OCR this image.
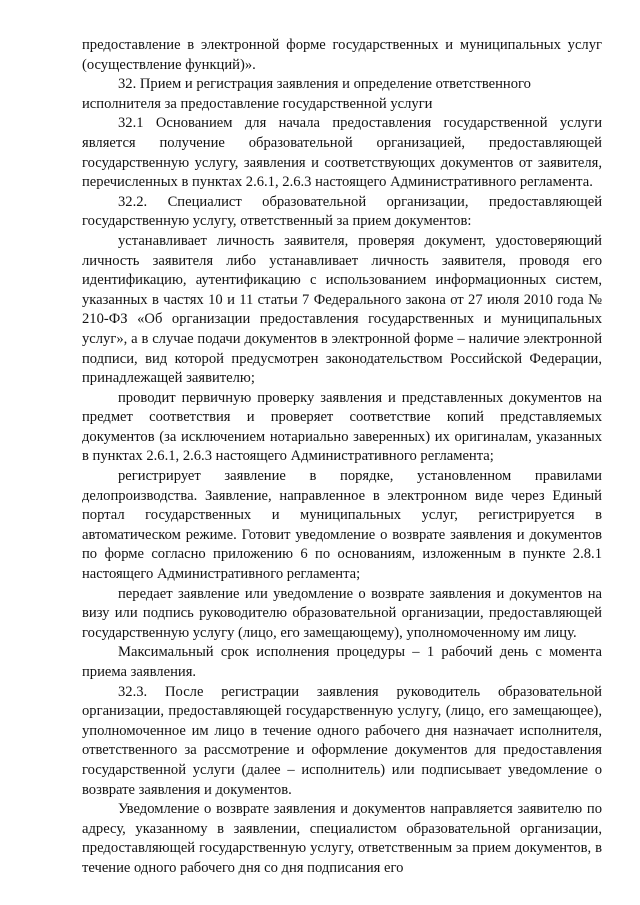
предоставление в электронной форме государственных и муниципальных услуг (осуществление функций)».

32. Прием и регистрация заявления и определение ответственного исполнителя за предоставление государственной услуги

32.1 Основанием для начала предоставления государственной услуги является получение образовательной организацией, предоставляющей государственную услугу, заявления и соответствующих документов от заявителя, перечисленных в пунктах 2.6.1, 2.6.3 настоящего Административного регламента.

32.2. Специалист образовательной организации, предоставляющей государственную услугу, ответственный за прием документов:

устанавливает личность заявителя, проверяя документ, удостоверяющий личность заявителя либо устанавливает личность заявителя, проводя его идентификацию, аутентификацию с использованием информационных систем, указанных в частях 10 и 11 статьи 7 Федерального закона от 27 июля 2010 года № 210-ФЗ «Об организации предоставления государственных и муниципальных услуг», а в случае подачи документов в электронной форме – наличие электронной подписи, вид которой предусмотрен законодательством Российской Федерации, принадлежащей заявителю;

проводит первичную проверку заявления и представленных документов на предмет соответствия и проверяет соответствие копий представляемых документов (за исключением нотариально заверенных) их оригиналам, указанных в пунктах 2.6.1, 2.6.3 настоящего Административного регламента;

регистрирует заявление в порядке, установленном правилами делопроизводства. Заявление, направленное в электронном виде через Единый портал государственных и муниципальных услуг, регистрируется в автоматическом режиме. Готовит уведомление о возврате заявления и документов по форме согласно приложению 6 по основаниям, изложенным в пункте 2.8.1 настоящего Административного регламента;

передает заявление или уведомление о возврате заявления и документов на визу или подпись руководителю образовательной организации, предоставляющей государственную услугу (лицо, его замещающему), уполномоченному им лицу.

Максимальный срок исполнения процедуры – 1 рабочий день с момента приема заявления.

32.3. После регистрации заявления руководитель образовательной организации, предоставляющей государственную услугу, (лицо, его замещающее), уполномоченное им лицо в течение одного рабочего дня назначает исполнителя, ответственного за рассмотрение и оформление документов для предоставления государственной услуги (далее – исполнитель) или подписывает уведомление о возврате заявления и документов.

Уведомление о возврате заявления и документов направляется заявителю по адресу, указанному в заявлении, специалистом образовательной организации, предоставляющей государственную услугу, ответственным за прием документов, в течение одного рабочего дня со дня подписания его
